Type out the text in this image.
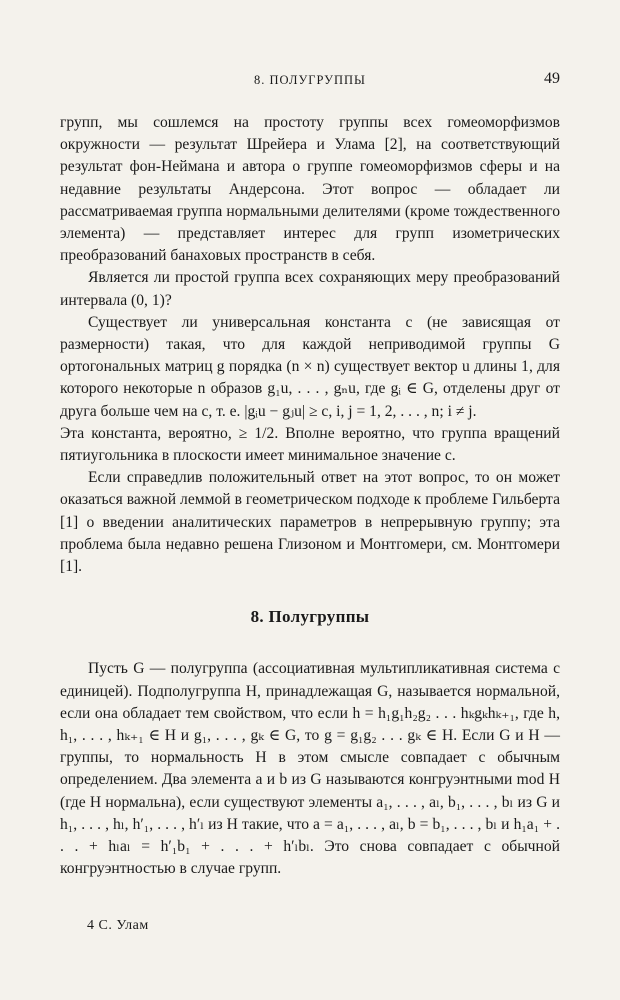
8. ПОЛУГРУППЫ	49

групп, мы сошлемся на простоту группы всех гомеоморфизмов окружности — результат Шрейера и Улама [2], на соответствующий результат фон-Неймана и автора о группе гомеоморфизмов сферы и на недавние результаты Андерсона. Этот вопрос — обладает ли рассматриваемая группа нормальными делителями (кроме тождественного элемента) — представляет интерес для групп изометрических преобразований банаховых пространств в себя.

Является ли простой группа всех сохраняющих меру преобразований интервала (0, 1)?

Существует ли универсальная константа c (не зависящая от размерности) такая, что для каждой неприводимой группы G ортогональных матриц g порядка (n × n) существует вектор u длины 1, для которого некоторые n образов g₁u, . . . , gₙu, где gᵢ ∈ G, отделены друг от друга больше чем на c, т. е. |gᵢu − gⱼu| ≥ c, i, j = 1, 2, . . . , n; i ≠ j.

Эта константа, вероятно, ≥ 1/2. Вполне вероятно, что группа вращений пятиугольника в плоскости имеет минимальное значение c.

Если справедлив положительный ответ на этот вопрос, то он может оказаться важной леммой в геометрическом подходе к проблеме Гильберта [1] о введении аналитических параметров в непрерывную группу; эта проблема была недавно решена Глизоном и Монтгомери, см. Монтгомери [1].

8. Полугруппы

Пусть G — полугруппа (ассоциативная мультипликативная система с единицей). Подполугруппа H, принадлежащая G, называется нормальной, если она обладает тем свойством, что если h = h₁g₁h₂g₂ . . . hₖgₖhₖ₊₁, где h, h₁, . . . , hₖ₊₁ ∈ H и g₁, . . . , gₖ ∈ G, то g = g₁g₂ . . . gₖ ∈ H. Если G и H — группы, то нормальность H в этом смысле совпадает с обычным определением. Два элемента a и b из G называются конгруэнтными mod H (где H нормальна), если существуют элементы a₁, . . . , aₗ, b₁, . . . , bₗ из G и h₁, . . . , hₗ, h′₁, . . . , h′ₗ из H такие, что a = a₁, . . . , aₗ, b = b₁, . . . , bₗ и h₁a₁ + . . . + hₗaₗ = h′₁b₁ + . . . + h′ₗbₗ. Это снова совпадает с обычной конгруэнтностью в случае групп.

4 С. Улам
